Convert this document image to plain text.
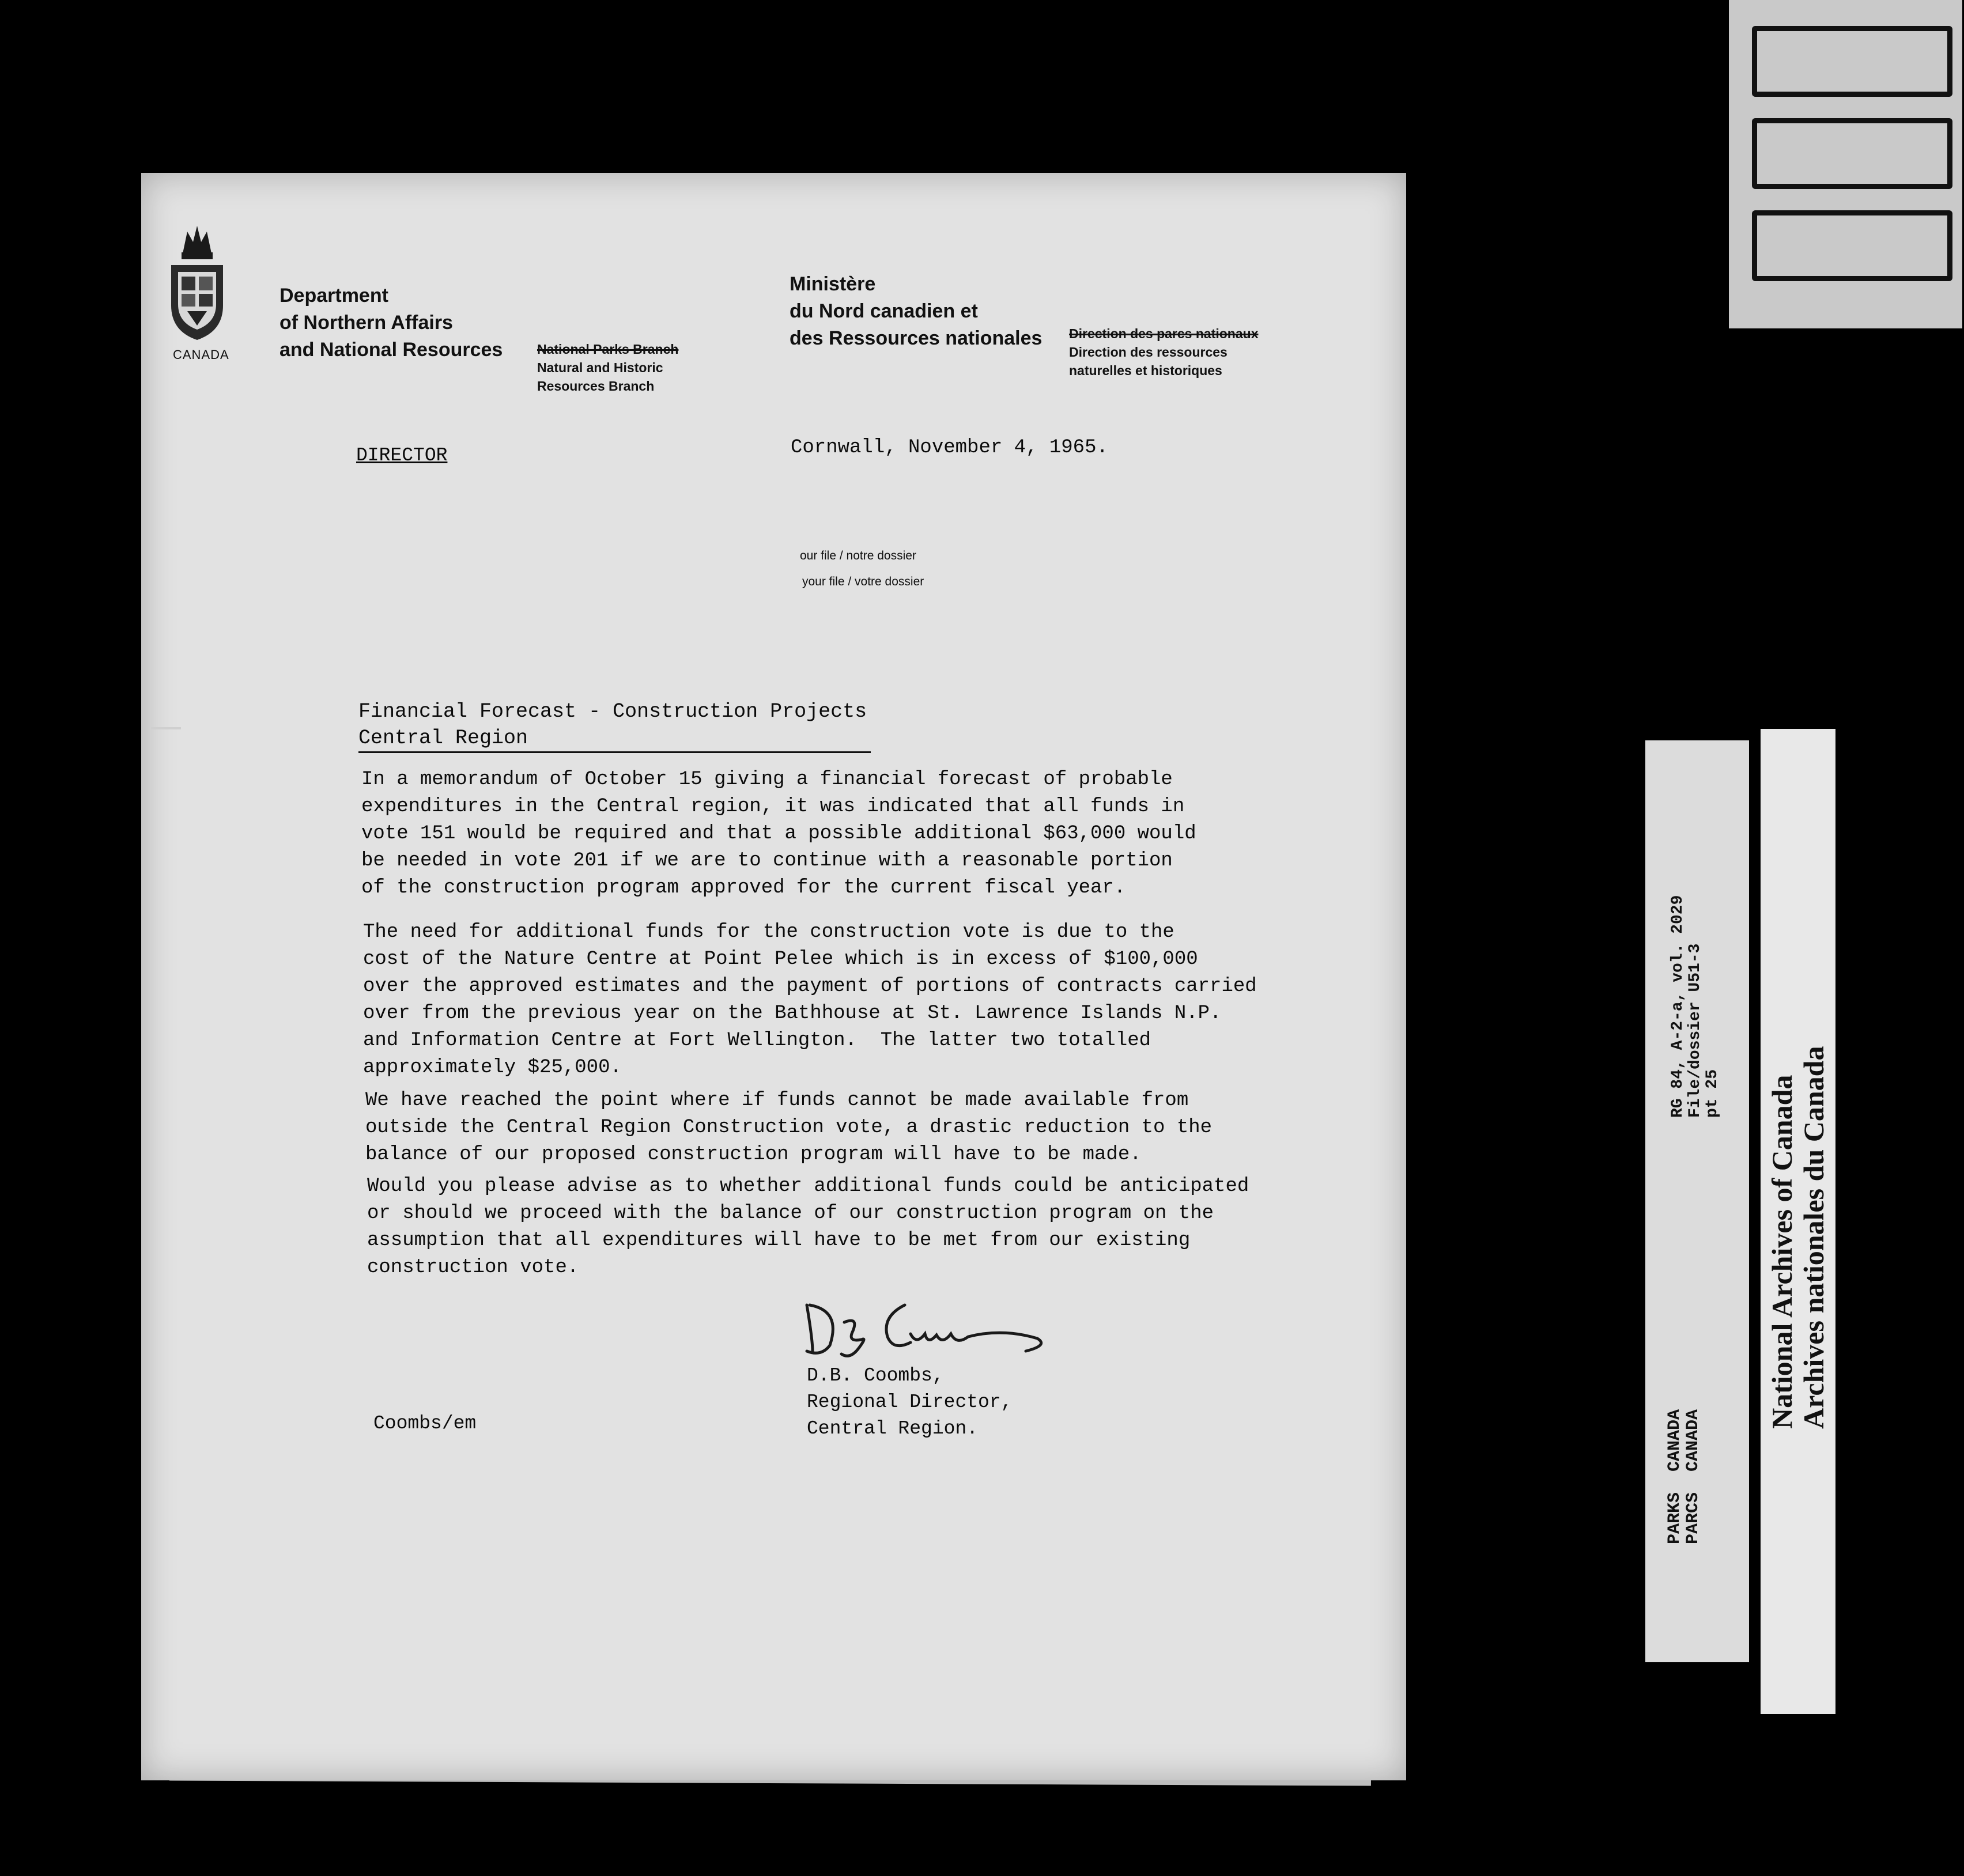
CANADA
Department
of Northern Affairs
and National Resources	National Parks Branch
Natural and Historic
Resources Branch
Ministère
du Nord canadien et
des Ressources nationales Direction des parcs nationaux
Direction des ressources
naturelles et historiques
DIRECTOR	Cornwall, November 4, 1965.
our file / notre dossier
your file / votre dossier
Financial Forecast - Construction Projects
Central Region
In a memorandum of October 15 giving a financial forecast of probable
expenditures in the Central region, it was indicated that all funds in
vote 151 would be required and that a possible additional $63,000 would
be needed in vote 201 if we are to continue with a reasonable portion
of the construction program approved for the current fiscal year.
The need for additional funds for the construction vote is due to the
cost of the Nature Centre at Point Pelee which is in excess of $100,000
over the approved estimates and the payment of portions of contracts carried
over from the previous year on the Bathhouse at St. Lawrence Islands N.P.
and Information Centre at Fort Wellington.  The latter two totalled
approximately $25,000.
We have reached the point where if funds cannot be made available from
outside the Central Region Construction vote, a drastic reduction to the
balance of our proposed construction program will have to be made.
Would you please advise as to whether additional funds could be anticipated
or should we proceed with the balance of our construction program on the
assumption that all expenditures will have to be met from our existing
construction vote.
D.B. Coombs,
Regional Director,
Central Region.
Coombs/em
RG 84, A-2-a, vol. 2029 File/dossier U51-3 pt 25
PARKS  CANADA
PARCS  CANADA
National Archives of Canada Archives nationales du Canada
